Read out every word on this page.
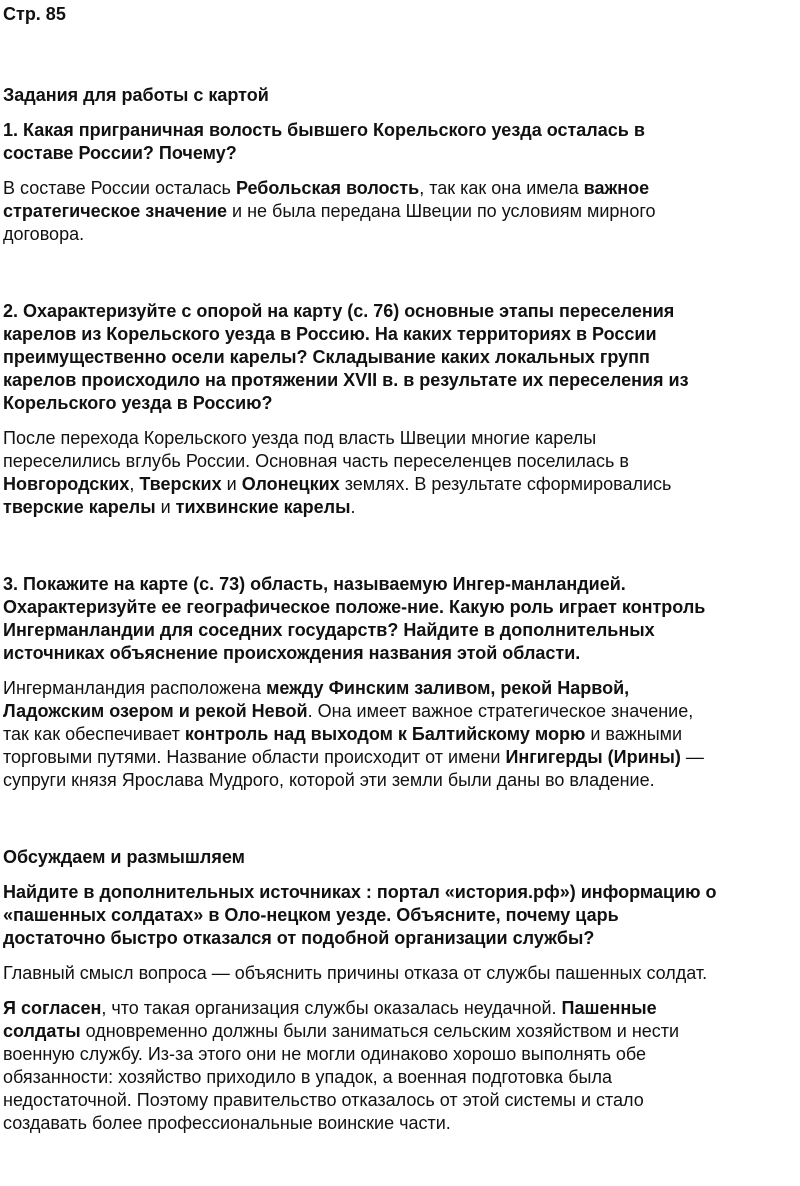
Стр. 85

Задания для работы с картой

1. Какая приграничная волость бывшего Корельского уезда осталась в
составе России? Почему?

В составе России осталась Ребольская волость, так как она имела важное
стратегическое значение и не была передана Швеции по условиям мирного
договора.

2. Охарактеризуйте с опорой на карту (с. 76) основные этапы переселения
карелов из Корельского уезда в Россию. На каких территориях в России
преимущественно осели карелы? Складывание каких локальных групп
карелов происходило на протяжении XVII в. в результате их переселения из
Корельского уезда в Россию?

После перехода Корельского уезда под власть Швеции многие карелы
переселились вглубь России. Основная часть переселенцев поселилась в
Новгородских, Тверских и Олонецких землях. В результате сформировались
тверские карелы и тихвинские карелы.

3. Покажите на карте (с. 73) область, называемую Ингер-манландией.
Охарактеризуйте ее географическое положе-ние. Какую роль играет контроль
Ингерманландии для соседних государств? Найдите в дополнительных
источниках объяснение происхождения названия этой области.

Ингерманландия расположена между Финским заливом, рекой Нарвой,
Ладожским озером и рекой Невой. Она имеет важное стратегическое значение,
так как обеспечивает контроль над выходом к Балтийскому морю и важными
торговыми путями. Название области происходит от имени Ингигерды (Ирины) —
супруги князя Ярослава Мудрого, которой эти земли были даны во владение.

Обсуждаем и размышляем

Найдите в дополнительных источниках : портал «история.рф») информацию о
«пашенных солдатах» в Оло-нецком уезде. Объясните, почему царь
достаточно быстро отказался от подобной организации службы?

Главный смысл вопроса — объяснить причины отказа от службы пашенных солдат.

Я согласен, что такая организация службы оказалась неудачной. Пашенные
солдаты одновременно должны были заниматься сельским хозяйством и нести
военную службу. Из-за этого они не могли одинаково хорошо выполнять обе
обязанности: хозяйство приходило в упадок, а военная подготовка была
недостаточной. Поэтому правительство отказалось от этой системы и стало
создавать более профессиональные воинские части.
